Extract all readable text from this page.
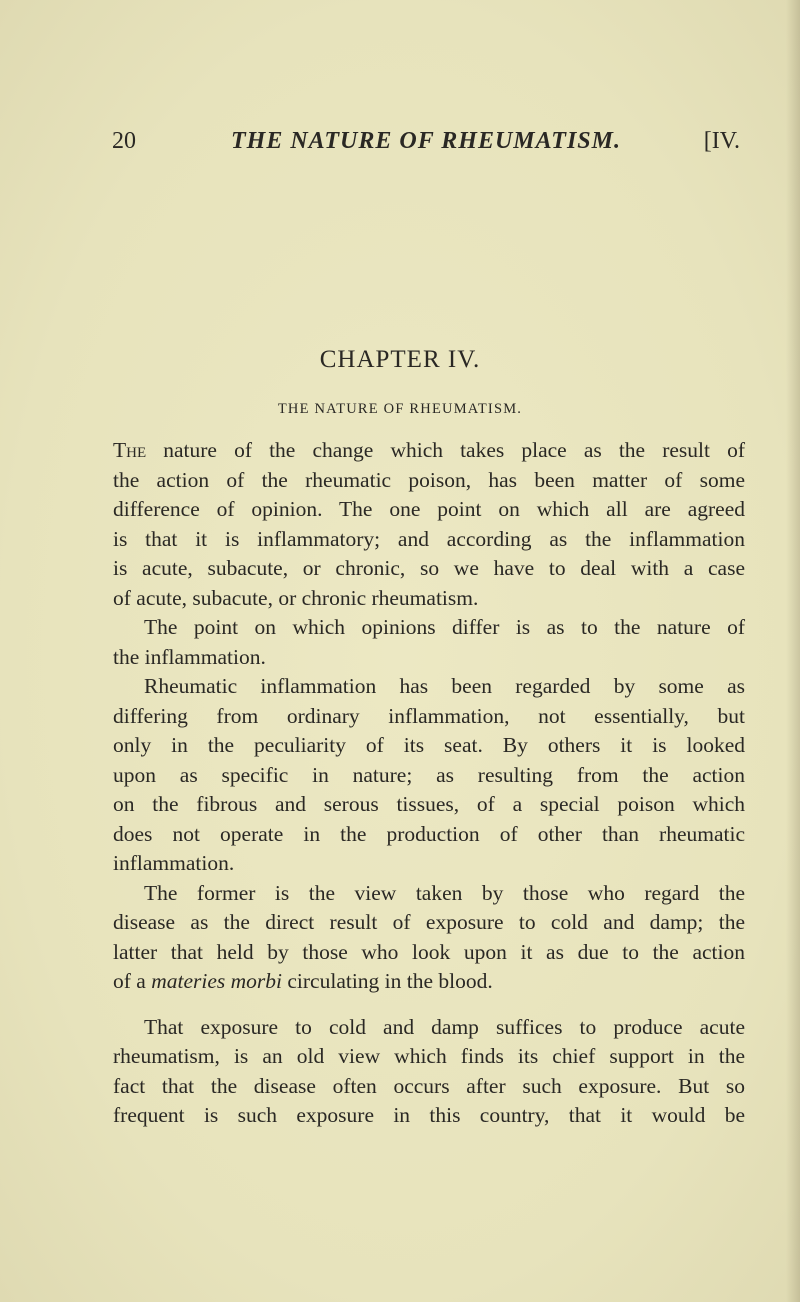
20	THE NATURE OF RHEUMATISM.	[IV.
CHAPTER IV.
THE NATURE OF RHEUMATISM.
The nature of the change which takes place as the result of
the action of the rheumatic poison, has been matter of some
difference of opinion. The one point on which all are agreed
is that it is inflammatory; and according as the inflammation
is acute, subacute, or chronic, so we have to deal with a case
of acute, subacute, or chronic rheumatism.
The point on which opinions differ is as to the nature of
the inflammation.
Rheumatic inflammation has been regarded by some as
differing from ordinary inflammation, not essentially, but
only in the peculiarity of its seat. By others it is looked
upon as specific in nature; as resulting from the action
on the fibrous and serous tissues, of a special poison which
does not operate in the production of other than rheumatic
inflammation.
The former is the view taken by those who regard the
disease as the direct result of exposure to cold and damp; the
latter that held by those who look upon it as due to the action
of a materies morbi circulating in the blood.
That exposure to cold and damp suffices to produce acute
rheumatism, is an old view which finds its chief support in the
fact that the disease often occurs after such exposure. But so
frequent is such exposure in this country, that it would be
